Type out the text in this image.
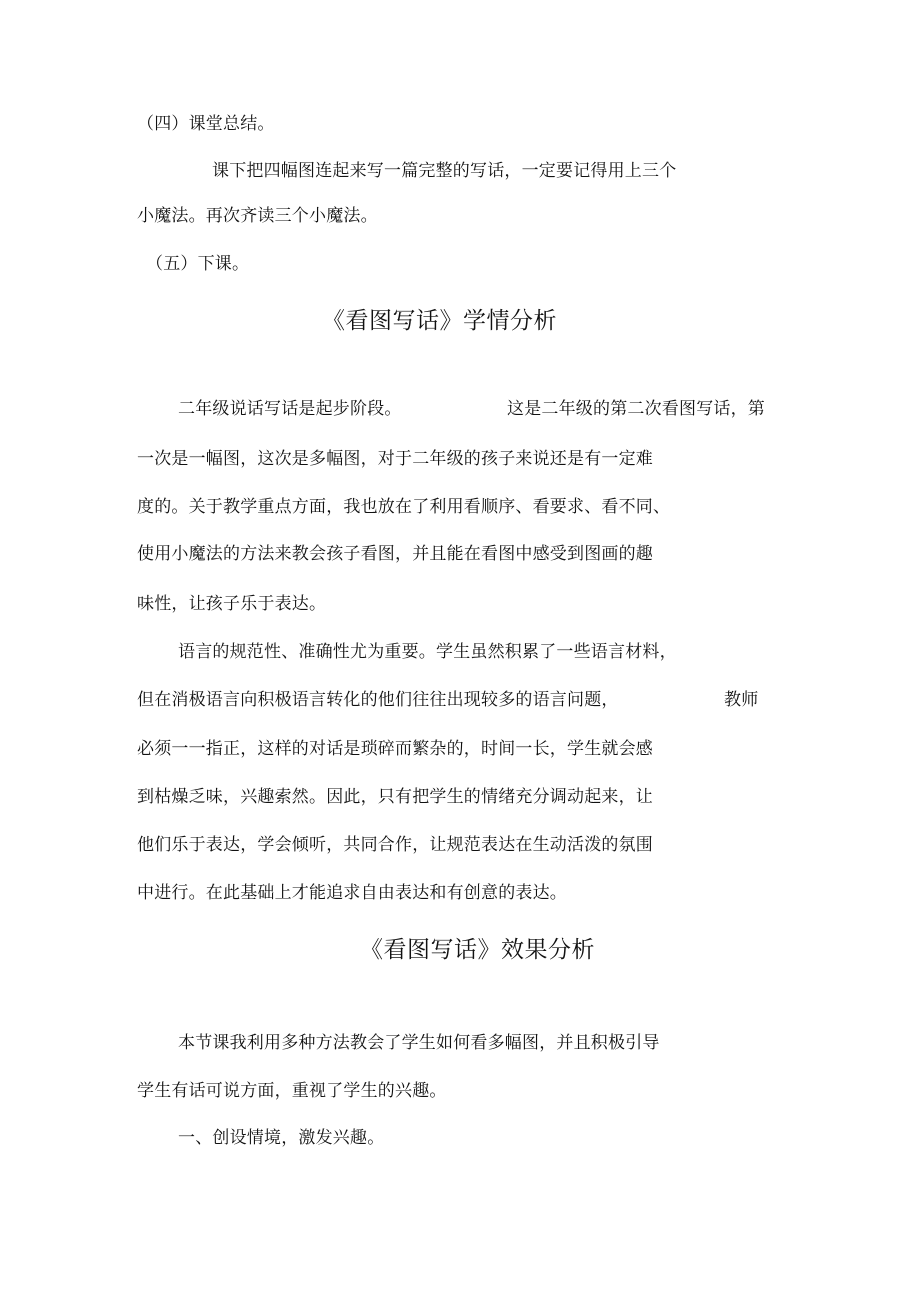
（四）课堂总结。
课下把四幅图连起来写一篇完整的写话，一定要记得用上三个
小魔法。再次齐读三个小魔法。
（五）下课。
《看图写话》学情分析
二年级说话写话是起步阶段。	这是二年级的第二次看图写话，第
一次是一幅图，这次是多幅图，对于二年级的孩子来说还是有一定难
度的。关于教学重点方面，我也放在了利用看顺序、看要求、看不同、
使用小魔法的方法来教会孩子看图，并且能在看图中感受到图画的趣
味性，让孩子乐于表达。
语言的规范性、准确性尤为重要。学生虽然积累了一些语言材料，
但在消极语言向积极语言转化的他们往往出现较多的语言问题，	教师
必须一一指正，这样的对话是琐碎而繁杂的，时间一长，学生就会感
到枯燥乏味，兴趣索然。因此，只有把学生的情绪充分调动起来，让
他们乐于表达，学会倾听，共同合作，让规范表达在生动活泼的氛围
中进行。在此基础上才能追求自由表达和有创意的表达。
《看图写话》效果分析
本节课我利用多种方法教会了学生如何看多幅图，并且积极引导
学生有话可说方面，重视了学生的兴趣。
一、创设情境，激发兴趣。
